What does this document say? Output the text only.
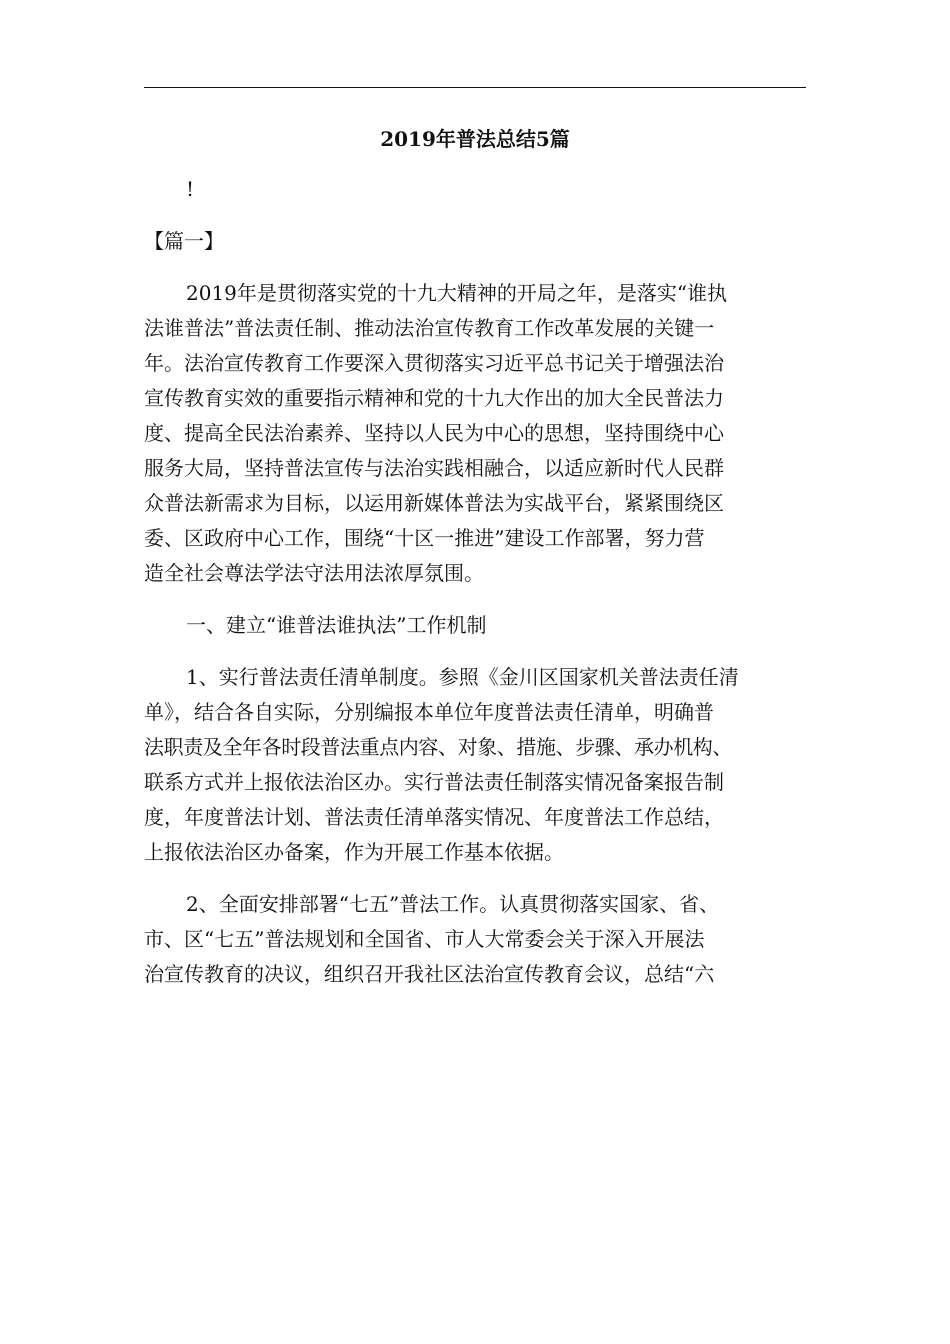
2019年普法总结5篇

!

【篇一】

2019年是贯彻落实党的十九大精神的开局之年，是落实“谁执
法谁普法”普法责任制、推动法治宣传教育工作改革发展的关键一
年。法治宣传教育工作要深入贯彻落实习近平总书记关于增强法治
宣传教育实效的重要指示精神和党的十九大作出的加大全民普法力
度、提高全民法治素养、坚持以人民为中心的思想，坚持围绕中心
服务大局，坚持普法宣传与法治实践相融合，以适应新时代人民群
众普法新需求为目标，以运用新媒体普法为实战平台，紧紧围绕区
委、区政府中心工作，围绕“十区一推进”建设工作部署，努力营
造全社会尊法学法守法用法浓厚氛围。

一、建立“谁普法谁执法”工作机制

1、实行普法责任清单制度。参照《金川区国家机关普法责任清
单》，结合各自实际，分别编报本单位年度普法责任清单，明确普
法职责及全年各时段普法重点内容、对象、措施、步骤、承办机构、
联系方式并上报依法治区办。实行普法责任制落实情况备案报告制
度，年度普法计划、普法责任清单落实情况、年度普法工作总结，
上报依法治区办备案，作为开展工作基本依据。

2、全面安排部署“七五”普法工作。认真贯彻落实国家、省、
市、区“七五”普法规划和全国省、市人大常委会关于深入开展法
治宣传教育的决议，组织召开我社区法治宣传教育会议，总结“六
